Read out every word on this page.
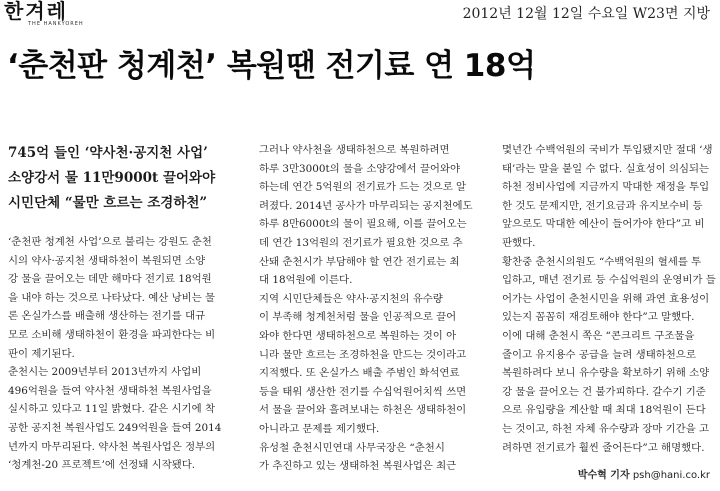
한겨레
THE HANKYOREH
2012년 12월 12일 수요일 W23면 지방
‘춘천판 청계천’ 복원땐 전기료 연 18억
745억 들인 ‘약사천·공지천 사업’
소양강서 물 11만9000t 끌어와야
시민단체 “물만 흐르는 조경하천”
‘춘천판 청계천 사업’으로 불리는 강원도 춘천
시의 약사·공지천 생태하천이 복원되면 소양
강 물을 끌어오는 데만 해마다 전기료 18억원
을 내야 하는 것으로 나타났다. 예산 낭비는 물
론 온실가스를 배출해 생산하는 전기를 대규
모로 소비해 생태하천이 환경을 파괴한다는 비
판이 제기된다.
춘천시는 2009년부터 2013년까지 사업비
496억원을 들여 약사천 생태하천 복원사업을
실시하고 있다고 11일 밝혔다. 같은 시기에 착
공한 공지천 복원사업도 249억원을 들여 2014
년까지 마무리된다. 약사천 복원사업은 정부의
‘청계천-20 프로젝트’에 선정돼 시작됐다.
그러나 약사천을 생태하천으로 복원하려면
하루 3만3000t의 물을 소양강에서 끌어와야
하는데 연간 5억원의 전기료가 드는 것으로 알
려졌다. 2014년 공사가 마무리되는 공지천에도
하루 8만6000t의 물이 필요해, 이를 끌어오는
데 연간 13억원의 전기료가 필요한 것으로 추
산돼 춘천시가 부담해야 할 연간 전기료는 최
대 18억원에 이른다.
지역 시민단체들은 약사·공지천의 유수량
이 부족해 청계천처럼 물을 인공적으로 끌어
와야 한다면 생태하천으로 복원하는 것이 아
니라 물만 흐르는 조경하천을 만드는 것이라고
지적했다. 또 온실가스 배출 주범인 화석연료
등을 태워 생산한 전기를 수십억원어치씩 쓰면
서 물을 끌어와 흘려보내는 하천은 생태하천이
아니라고 문제를 제기했다.
유성철 춘천시민연대 사무국장은 “춘천시
가 추진하고 있는 생태하천 복원사업은 최근
몇년간 수백억원의 국비가 투입됐지만 절대 ‘생
태’라는 말을 붙일 수 없다. 실효성이 의심되는
하천 정비사업에 지금까지 막대한 재정을 투입
한 것도 문제지만, 전기요금과 유지보수비 등
앞으로도 막대한 예산이 들어가야 한다”고 비
판했다.
황찬중 춘천시의원도 “수백억원의 혈세를 투
입하고, 매년 전기료 등 수십억원의 운영비가 들
어가는 사업이 춘천시민을 위해 과연 효용성이
있는지 꼼꼼히 재검토해야 한다”고 말했다.
이에 대해 춘천시 쪽은 “콘크리트 구조물을
줄이고 유지용수 공급을 늘려 생태하천으로
복원하려다 보니 유수량을 확보하기 위해 소양
강 물을 끌어오는 건 불가피하다. 갈수기 기준
으로 유입량을 계산할 때 최대 18억원이 든다
는 것이고, 하천 자체 유수량과 장마 기간을 고
려하면 전기료가 훨씬 줄어든다”고 해명했다.
박수혁 기자 psh@hani.co.kr
